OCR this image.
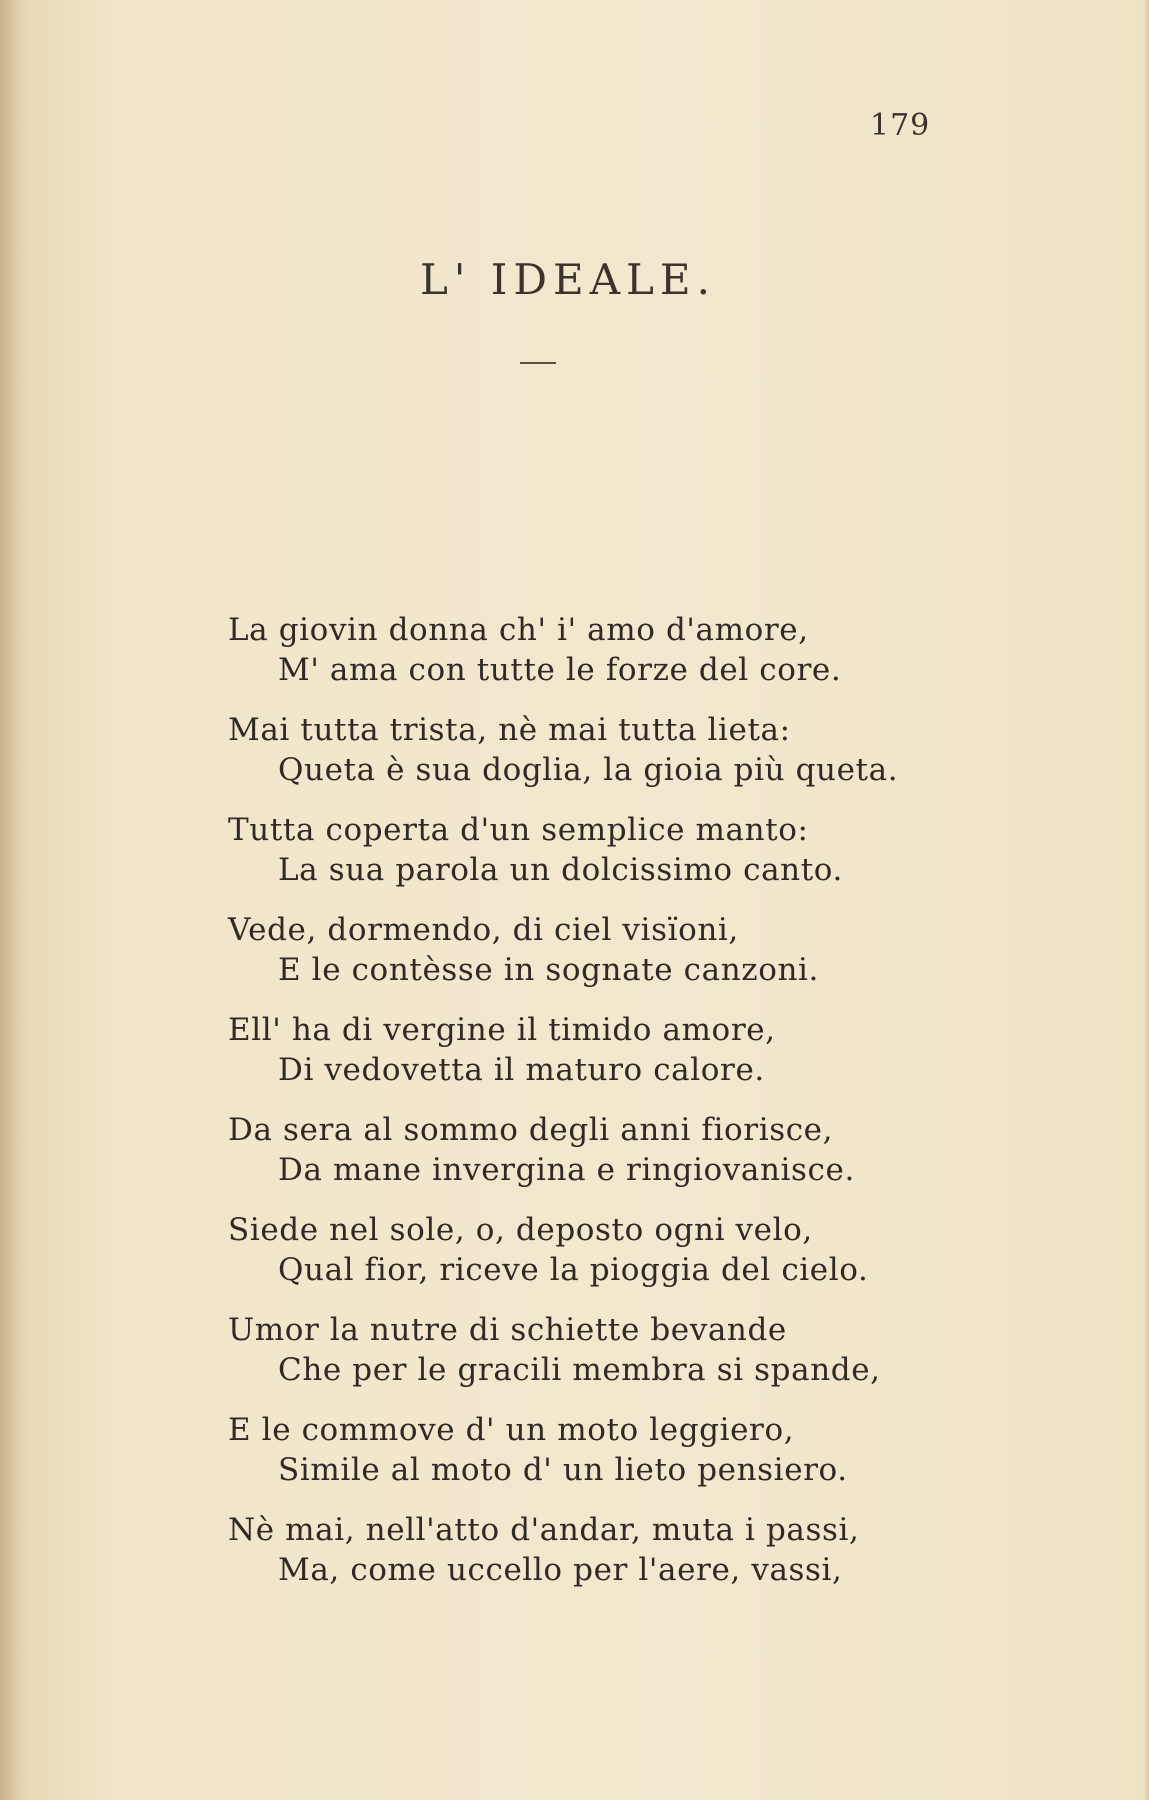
179
L' IDEALE.
La giovin donna ch' i' amo d'amore,
M' ama con tutte le forze del core.
Mai tutta trista, nè mai tutta lieta:
Queta è sua doglia, la gioia più queta.
Tutta coperta d'un semplice manto:
La sua parola un dolcissimo canto.
Vede, dormendo, di ciel visïoni,
E le contèsse in sognate canzoni.
Ell' ha di vergine il timido amore,
Di vedovetta il maturo calore.
Da sera al sommo degli anni fiorisce,
Da mane invergina e ringiovanisce.
Siede nel sole, o, deposto ogni velo,
Qual fior, riceve la pioggia del cielo.
Umor la nutre di schiette bevande
Che per le gracili membra si spande,
E le commove d' un moto leggiero,
Simile al moto d' un lieto pensiero.
Nè mai, nell'atto d'andar, muta i passi,
Ma, come uccello per l'aere, vassi,
